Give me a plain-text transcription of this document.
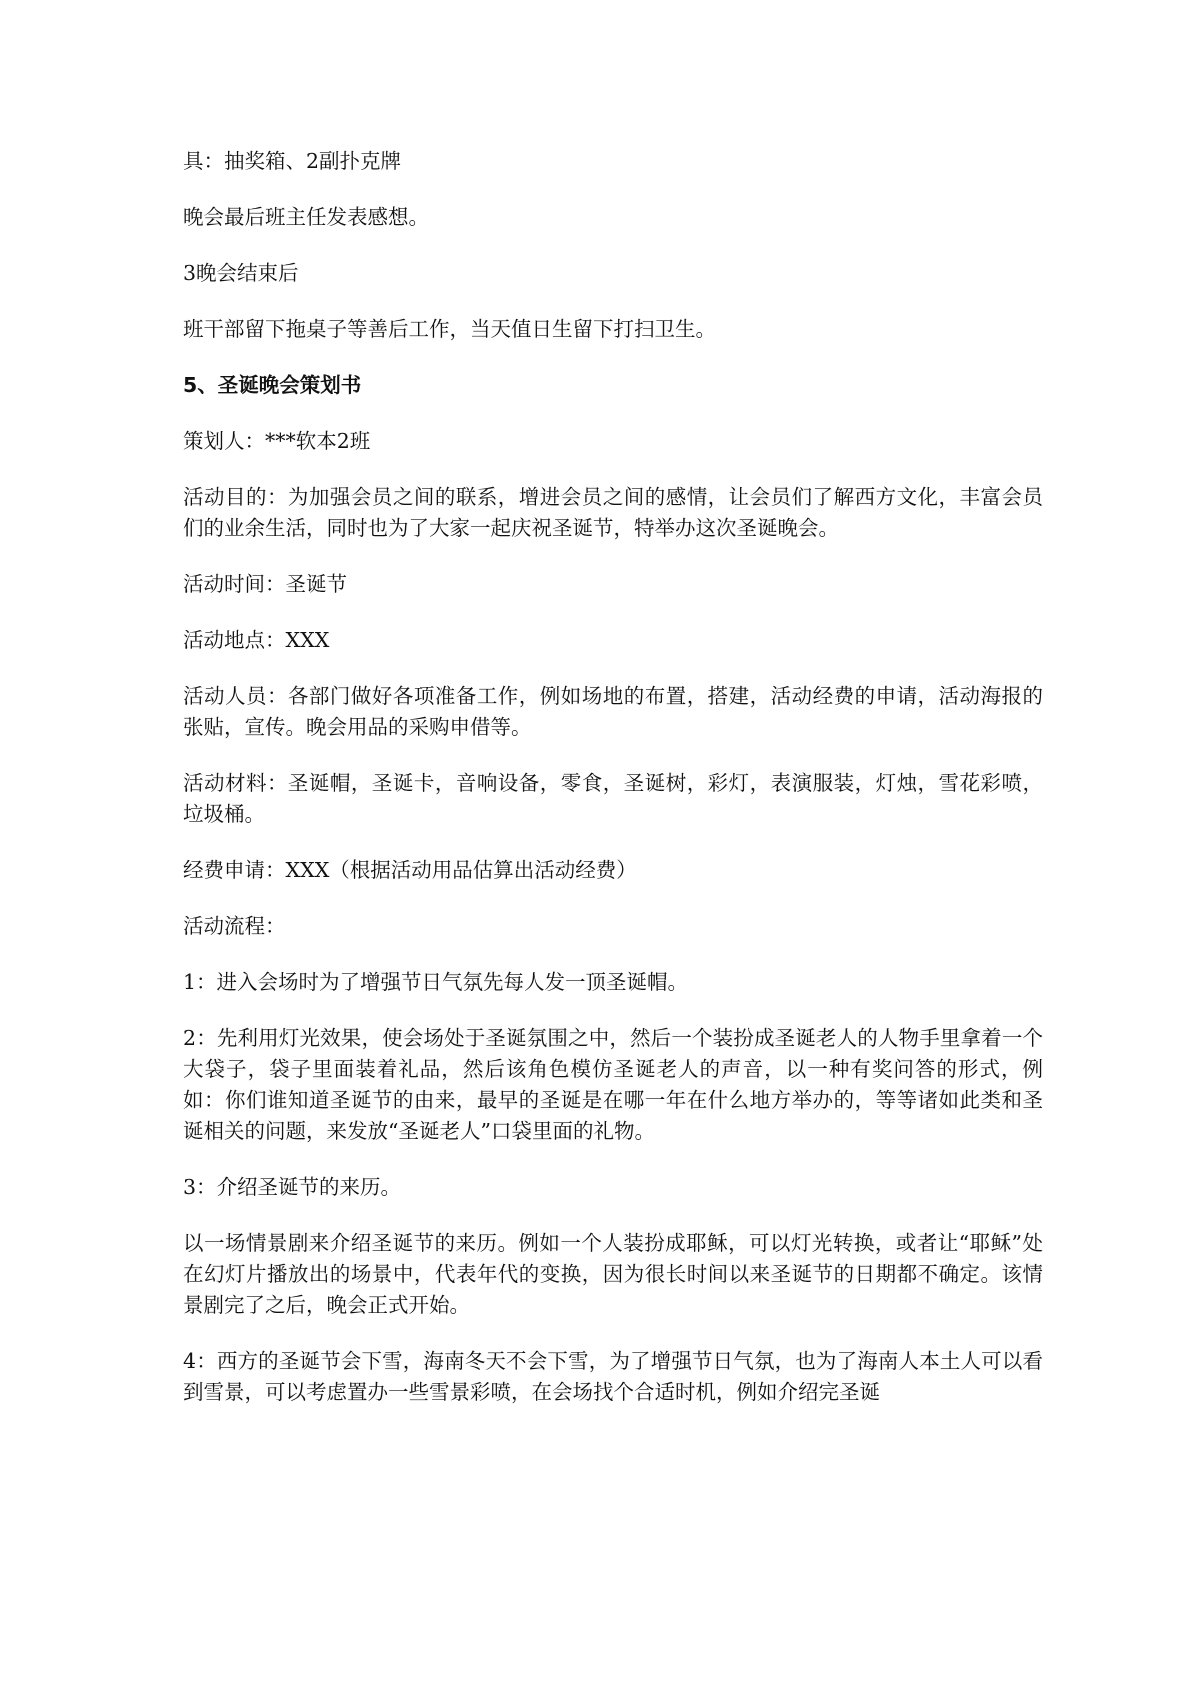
具：抽奖箱、2副扑克牌

晚会最后班主任发表感想。

3晚会结束后

班干部留下拖桌子等善后工作，当天值日生留下打扫卫生。

5、圣诞晚会策划书

策划人：***软本2班

活动目的：为加强会员之间的联系，增进会员之间的感情，让会员们了解西方文化，丰富会员们的业余生活，同时也为了大家一起庆祝圣诞节，特举办这次圣诞晚会。

活动时间：圣诞节

活动地点：XXX

活动人员：各部门做好各项准备工作，例如场地的布置，搭建，活动经费的申请，活动海报的张贴，宣传。晚会用品的采购申借等。

活动材料：圣诞帽，圣诞卡，音响设备，零食，圣诞树，彩灯，表演服装，灯烛，雪花彩喷，垃圾桶。

经费申请：XXX（根据活动用品估算出活动经费）

活动流程：

1：进入会场时为了增强节日气氛先每人发一顶圣诞帽。

2：先利用灯光效果，使会场处于圣诞氛围之中，然后一个装扮成圣诞老人的人物手里拿着一个大袋子，袋子里面装着礼品，然后该角色模仿圣诞老人的声音，以一种有奖问答的形式，例如：你们谁知道圣诞节的由来，最早的圣诞是在哪一年在什么地方举办的，等等诸如此类和圣诞相关的问题，来发放“圣诞老人”口袋里面的礼物。

3：介绍圣诞节的来历。

以一场情景剧来介绍圣诞节的来历。例如一个人装扮成耶稣，可以灯光转换，或者让“耶稣”处在幻灯片播放出的场景中，代表年代的变换，因为很长时间以来圣诞节的日期都不确定。该情景剧完了之后，晚会正式开始。

4：西方的圣诞节会下雪，海南冬天不会下雪，为了增强节日气氛，也为了海南人本土人可以看到雪景，可以考虑置办一些雪景彩喷，在会场找个合适时机，例如介绍完圣诞
